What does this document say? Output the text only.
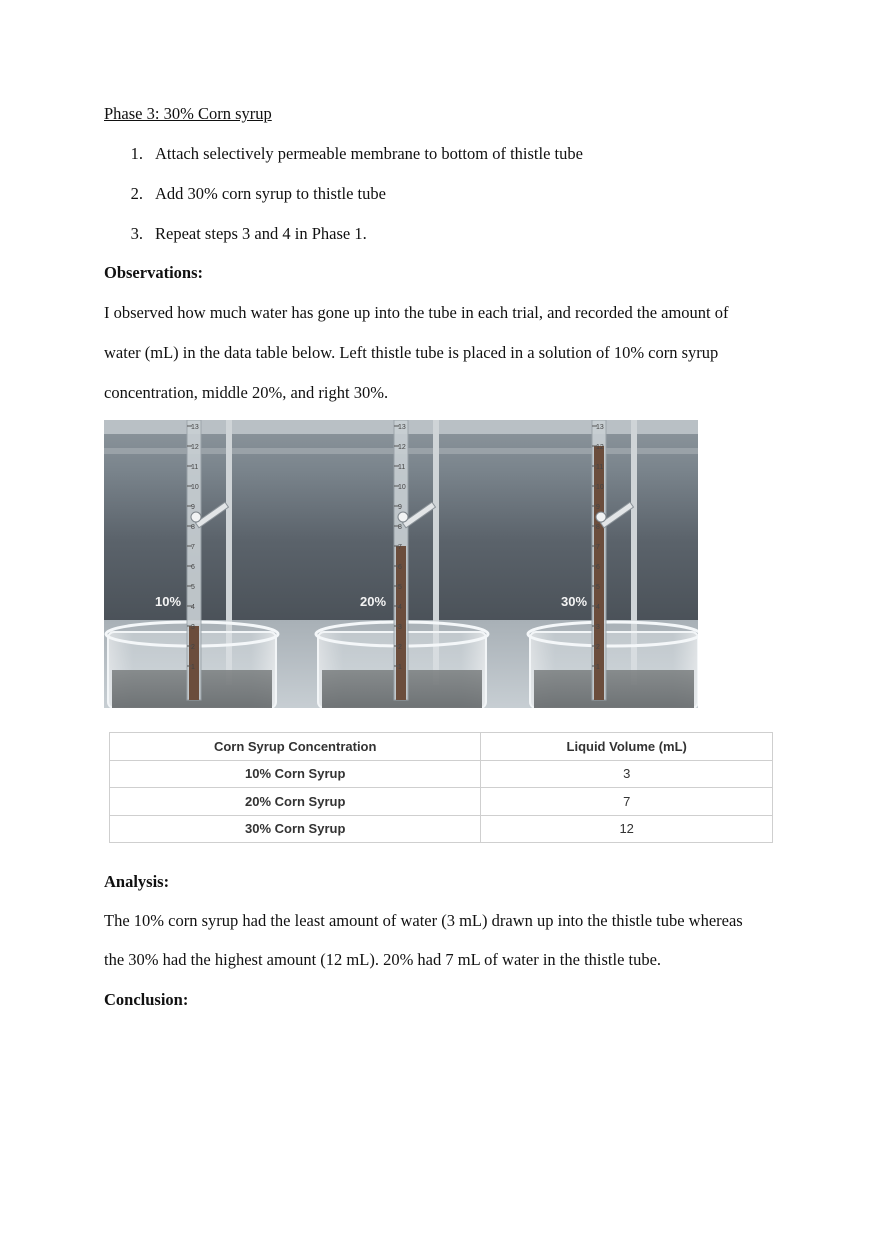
Phase 3: 30% Corn syrup
1. Attach selectively permeable membrane to bottom of thistle tube
2. Add 30% corn syrup to thistle tube
3. Repeat steps 3 and 4 in Phase 1.
Observations:
I observed how much water has gone up into the tube in each trial, and recorded the amount of
water (mL) in the data table below. Left thistle tube is placed in a solution of 10% corn syrup
concentration, middle 20%, and right 30%.
13
12
11
10
9
8
7
6
5
4
3
2
1
13
12
11
10
9
8
7
6
5
4
3
2
1
13
12
11
10
9
8
7
6
5
4
3
2
1
10%	20%	30%
Corn Syrup Concentration	Liquid Volume (mL)
10% Corn Syrup	3
20% Corn Syrup	7
30% Corn Syrup	12
Analysis:
The 10% corn syrup had the least amount of water (3 mL) drawn up into the thistle tube whereas
the 30% had the highest amount (12 mL). 20% had 7 mL of water in the thistle tube.
Conclusion:
